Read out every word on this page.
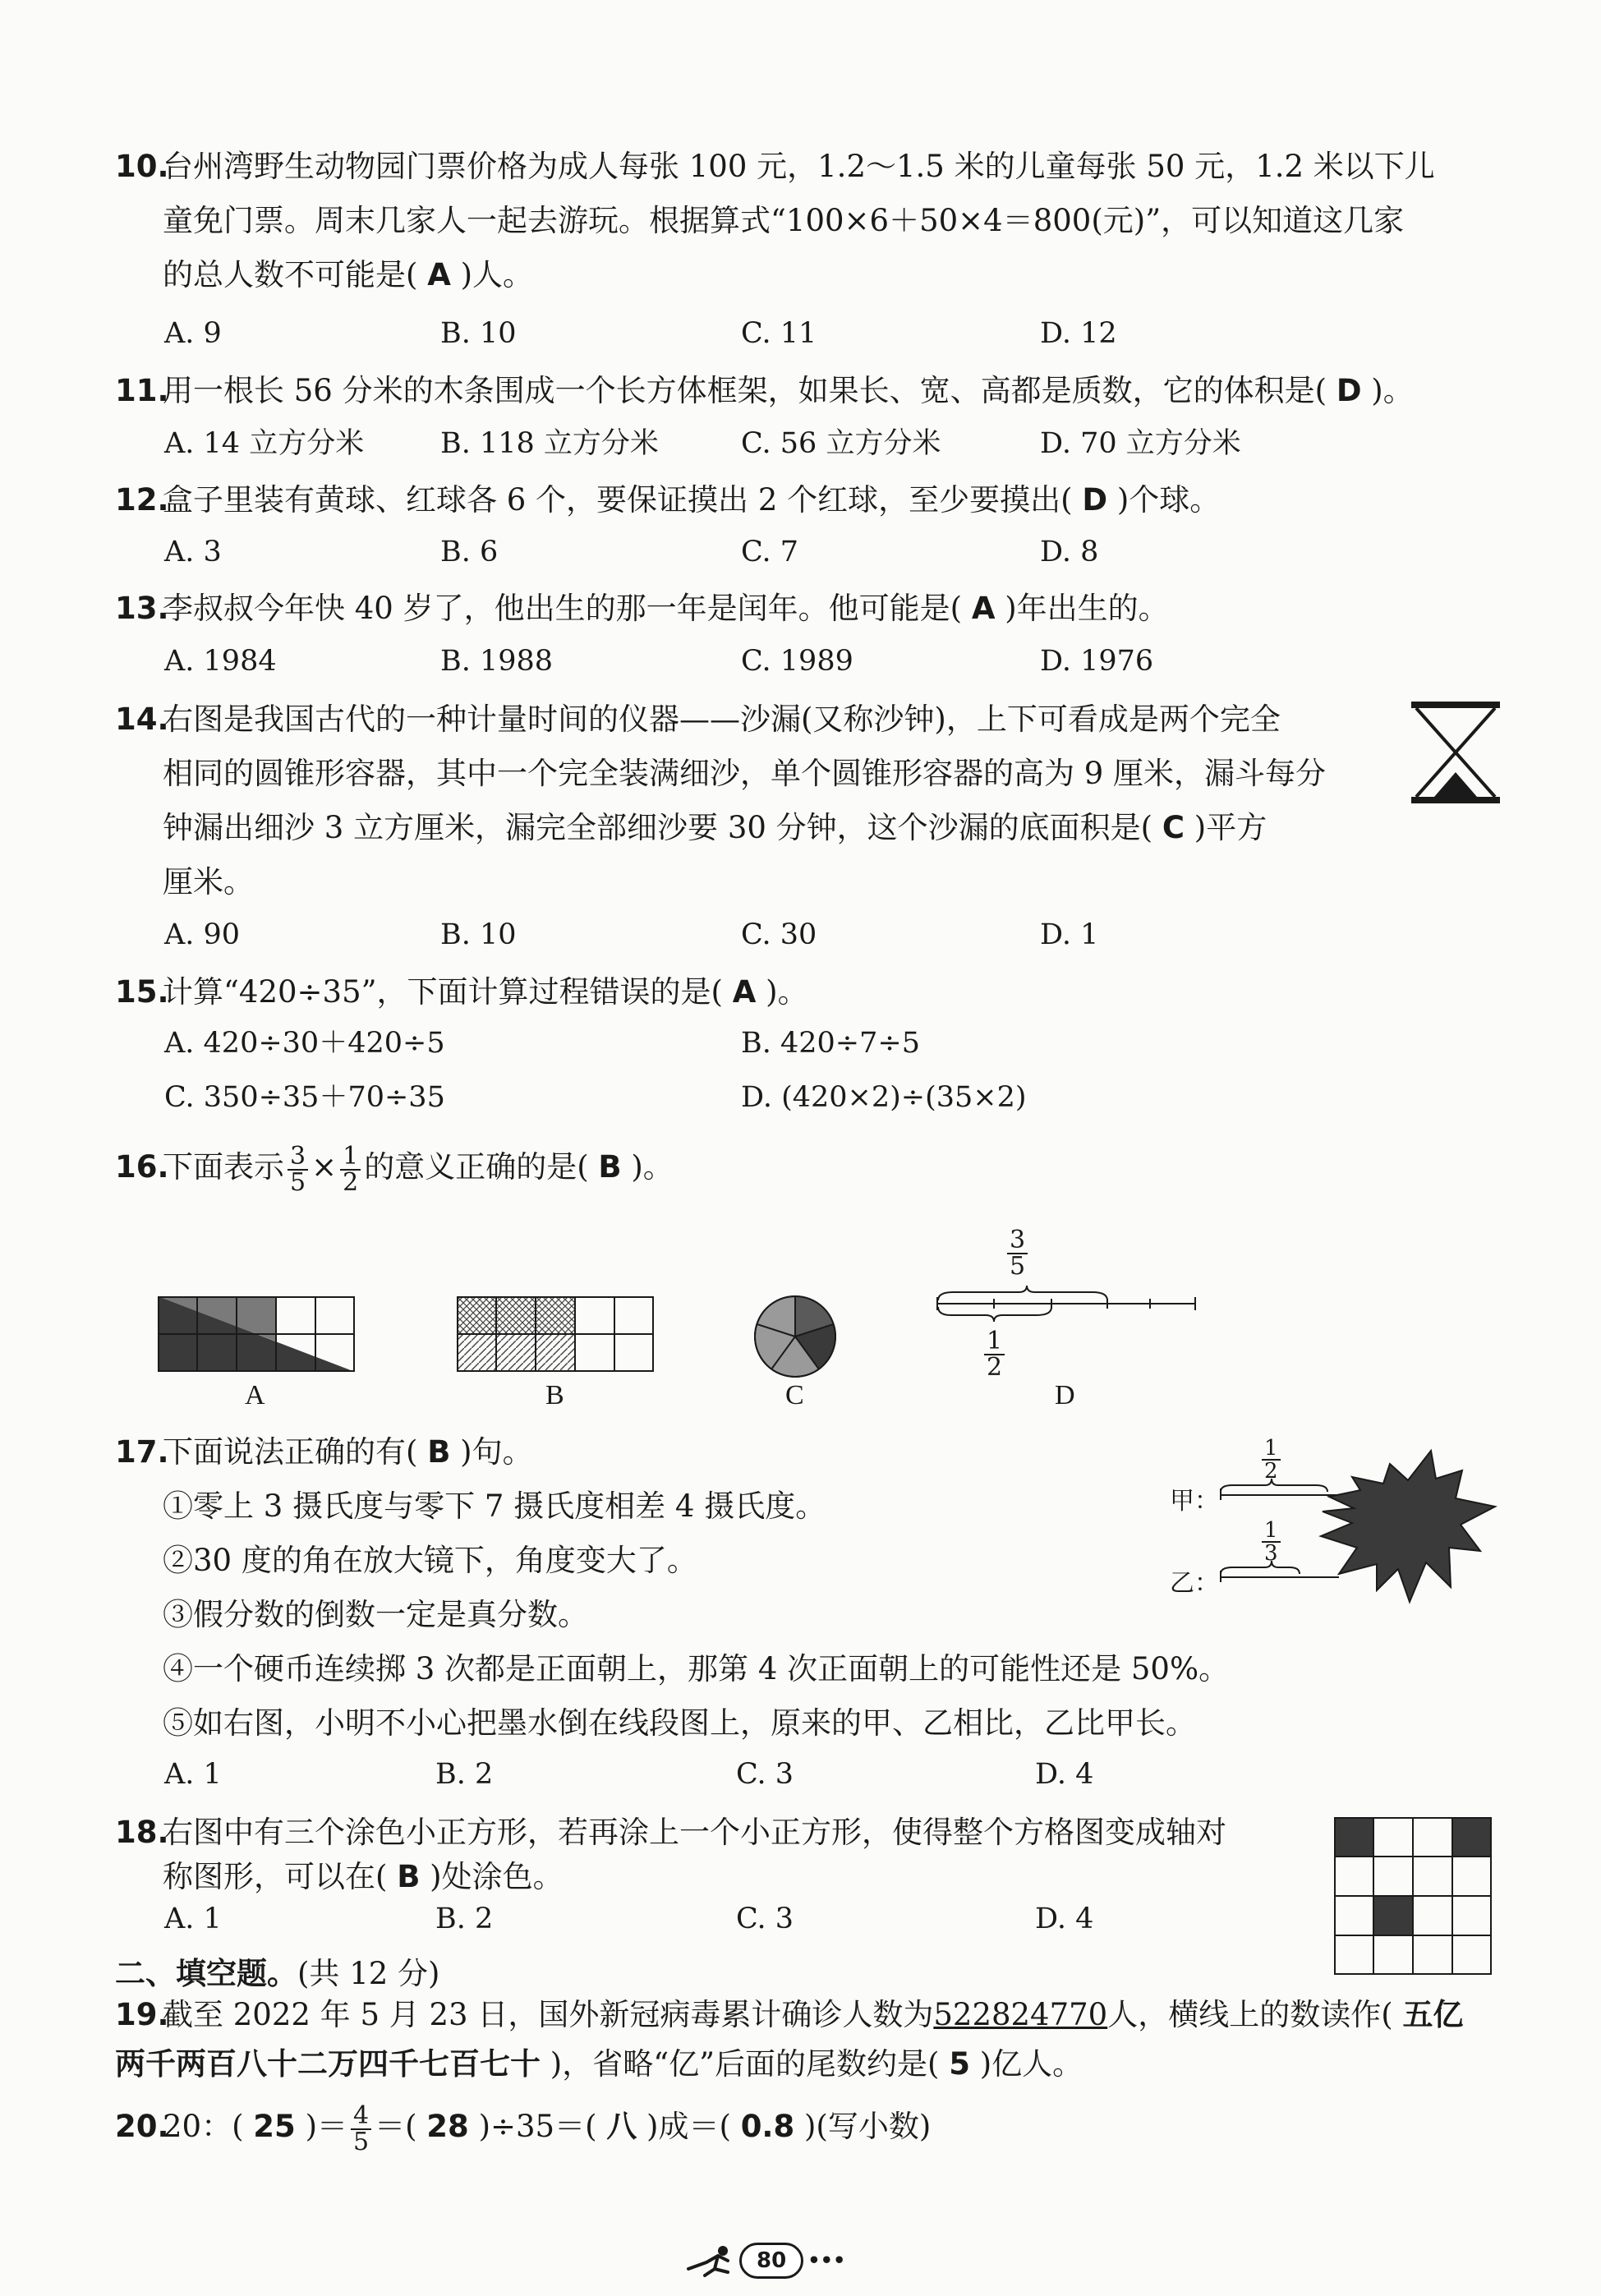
10.台州湾野生动物园门票价格为成人每张 100 元，1.2～1.5 米的儿童每张 50 元，1.2 米以下儿
童免门票。周末几家人一起去游玩。根据算式“100×6＋50×4＝800(元)”，可以知道这几家
的总人数不可能是( A )人。
A. 9	B. 10	C. 11	D. 12
11.用一根长 56 分米的木条围成一个长方体框架，如果长、宽、高都是质数，它的体积是( D )。
A. 14 立方分米	B. 118 立方分米	C. 56 立方分米	D. 70 立方分米
12.盒子里装有黄球、红球各 6 个，要保证摸出 2 个红球，至少要摸出( D )个球。
A. 3	B. 6	C. 7	D. 8
13.李叔叔今年快 40 岁了，他出生的那一年是闰年。他可能是( A )年出生的。
A. 1984	B. 1988	C. 1989	D. 1976
14.右图是我国古代的一种计量时间的仪器——沙漏(又称沙钟)，上下可看成是两个完全
相同的圆锥形容器，其中一个完全装满细沙，单个圆锥形容器的高为 9 厘米，漏斗每分
钟漏出细沙 3 立方厘米，漏完全部细沙要 30 分钟，这个沙漏的底面积是( C )平方
厘米。
A. 90	B. 10	C. 30	D. 1
15.计算“420÷35”，下面计算过程错误的是( A )。
A. 420÷30＋420÷5	B. 420÷7÷5
C. 350÷35＋70÷35	D. (420×2)÷(35×2)
16.下面表示 $\frac{3}{5} \times \frac{1}{2}$ 的意义正确的是( B )。
$\frac{3}{5}$
$\frac{1}{2}$
A	B	C	D
17.下面说法正确的有( B )句。
①零上 3 摄氏度与零下 7 摄氏度相差 4 摄氏度。
②30 度的角在放大镜下，角度变大了。
③假分数的倒数一定是真分数。
④一个硬币连续掷 3 次都是正面朝上，那第 4 次正面朝上的可能性还是 50%。
⑤如右图，小明不小心把墨水倒在线段图上，原来的甲、乙相比，乙比甲长。
甲：
乙：
$\frac{1}{2}$
$\frac{1}{3}$
A. 1	B. 2	C. 3	D. 4
18.右图中有三个涂色小正方形，若再涂上一个小正方形，使得整个方格图变成轴对
称图形，可以在( B )处涂色。
A. 1	B. 2	C. 3	D. 4
二、填空题。(共 12 分)
19.截至 2022 年 5 月 23 日，国外新冠病毒累计确诊人数为522824770人，横线上的数读作( 五亿
两千两百八十二万四千七百七十 )，省略“亿”后面的尾数约是( 5 )亿人。
20.20：( 25 )＝ $\frac{4}{5}$ ＝( 28 )÷35＝( 八 )成＝( 0.8 )(写小数)
80 •••
